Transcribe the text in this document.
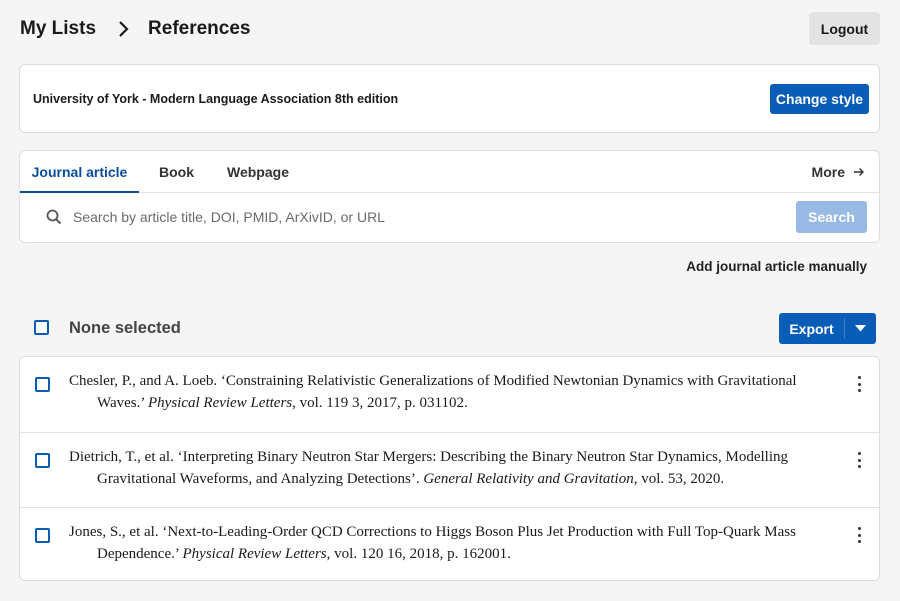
My Lists	References	Logout
University of York - Modern Language Association 8th edition	Change style
Journal article	Book Webpage	More
Search by article title, DOI, PMID, ArXivID, or URL
Search
Add journal article manually
None selected	Export
Chesler, P., and A. Loeb. ‘Constraining Relativistic Generalizations of Modified Newtonian Dynamics with Gravitational Waves.’ Physical Review Letters, vol. 119 3, 2017, p. 031102.
Dietrich, T., et al. ‘Interpreting Binary Neutron Star Mergers: Describing the Binary Neutron Star Dynamics, Modelling Gravitational Waveforms, and Analyzing Detections’. General Relativity and Gravitation, vol. 53, 2020.
Jones, S., et al. ‘Next-to-Leading-Order QCD Corrections to Higgs Boson Plus Jet Production with Full Top-Quark Mass Dependence.’ Physical Review Letters, vol. 120 16, 2018, p. 162001.
